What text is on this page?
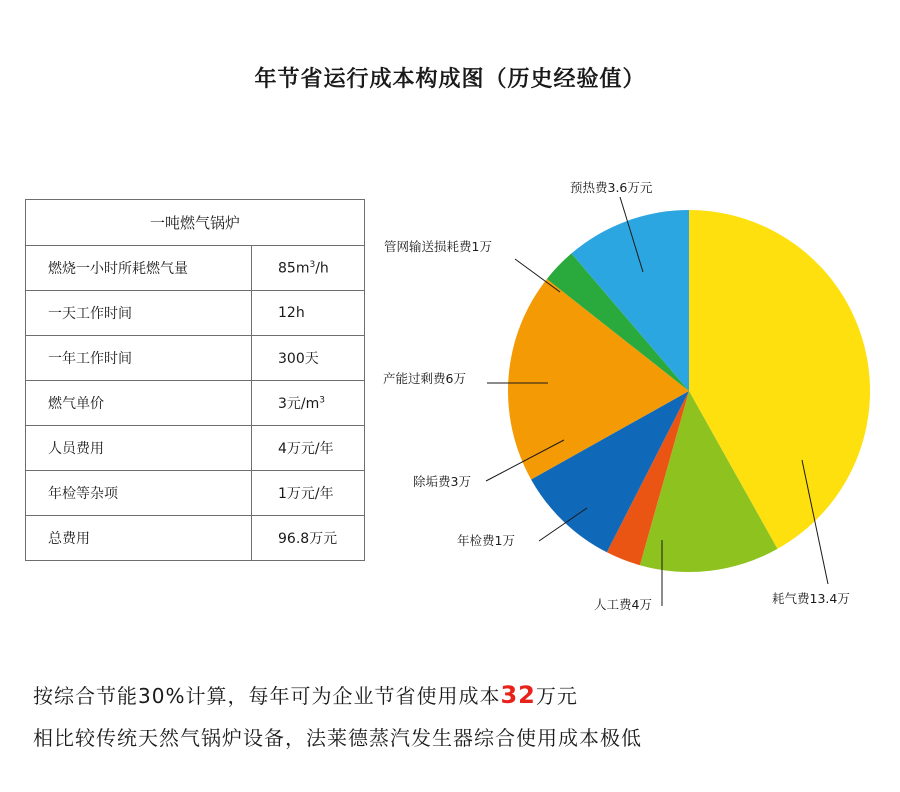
年节省运行成本构成图（历史经验值）
一吨燃气锅炉	
燃烧一小时所耗燃气量	$85m^3/h$
一天工作时间	12h
一年工作时间	300天
燃气单价	3元$/m^3$
人员费用	4万元/年
年检等杂项	1万元/年
总费用	96.8万元
耗气费13.4万
人工费4万
年检费1万
除垢费3万
产能过剩费6万
管网输送损耗费1万
预热费3.6万元
按综合节能30%计算，每年可为企业节省使用成本32万元
相比较传统天然气锅炉设备，法莱德蒸汽发生器综合使用成本极低
